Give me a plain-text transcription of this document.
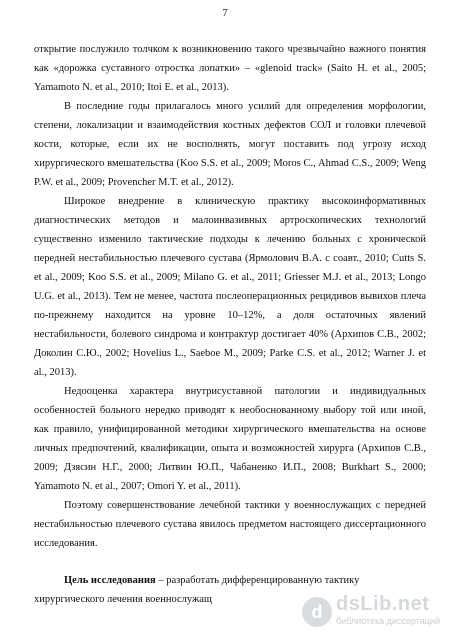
7

открытие послужило толчком к возникновению такого чрезвычайно важного понятия как «дорожка суставного отростка лопатки» – «glenoid track» (Saito H. et al., 2005; Yamamoto N. et al., 2010; Itoi E. et al., 2013).

В последние годы прилагалось много усилий для определения морфологии, степени, локализации и взаимодействия костных дефектов СОЛ и головки плечевой кости, которые, если их не восполнять, могут поставить под угрозу исход хирургического вмешательства (Koo S.S. et al., 2009; Moros C., Ahmad C.S., 2009; Weng P.W. et al., 2009; Provencher M.T. et al., 2012).

Широкое внедрение в клиническую практику высокоинформативных диагностических методов и малоинвазивных артроскопических технологий существенно изменило тактические подходы к лечению больных с хронической передней нестабильностью плечевого сустава (Ярмолович В.А. с соавт., 2010; Cutts S. et al., 2009; Koo S.S. et al., 2009; Milano G. et al., 2011; Griesser M.J. et al., 2013; Longo U.G. et al., 2013). Тем не менее, частота послеоперационных рецидивов вывихов плеча по-прежнему находится на уровне 10–12%, а доля остаточных явлений нестабильности, болевого синдрома и контрактур достигает 40% (Архипов С.В., 2002; Доколин С.Ю., 2002; Hovelius L., Saeboe M., 2009; Parke C.S. et al., 2012; Warner J. et al., 2013).

Недооценка характера внутрисуставной патологии и индивидуальных особенностей больного нередко приводят к необоснованному выбору той или иной, как правило, унифицированной методики хирургического вмешательства на основе личных предпочтений, квалификации, опыта и возможностей хирурга (Архипов С.В., 2009; Дзясин Н.Г., 2000; Литвин Ю.П., Чабаненко И.П., 2008; Burkhart S., 2000; Yamamoto N. et al., 2007; Omori Y. et al., 2011).

Поэтому совершенствование лечебной тактики у военнослужащих с передней нестабильностью плечевого сустава явилось предметом настоящего диссертационного исследования.

Цель исследования – разработать дифференцированную тактику

хирургического лечения военнослужащ

d dsLib.net
библиотека диссертаций
